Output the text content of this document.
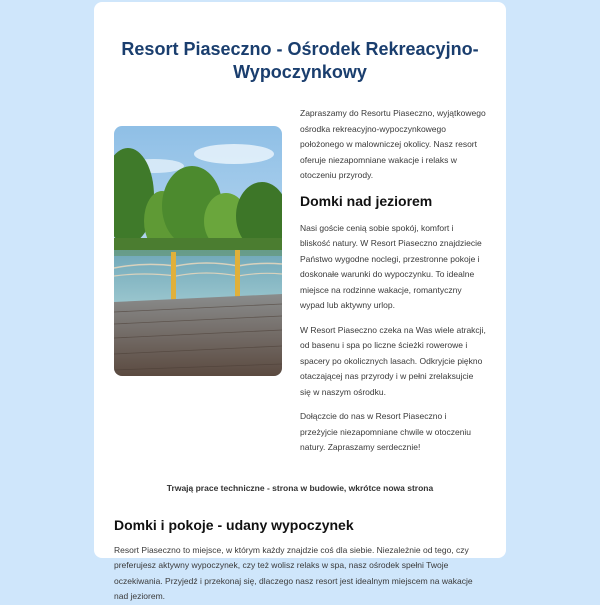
Resort Piaseczno - Ośrodek Rekreacyjno-Wypoczynkowy

Zapraszamy do Resortu Piaseczno, wyjątkowego ośrodka rekreacyjno-wypoczynkowego położonego w malowniczej okolicy. Nasz resort oferuje niezapomniane wakacje i relaks w otoczeniu przyrody.

Domki nad jeziorem

Nasi goście cenią sobie spokój, komfort i bliskość natury. W Resort Piaseczno znajdziecie Państwo wygodne noclegi, przestronne pokoje i doskonałe warunki do wypoczynku. To idealne miejsce na rodzinne wakacje, romantyczny wypad lub aktywny urlop.

W Resort Piaseczno czeka na Was wiele atrakcji, od basenu i spa po liczne ścieżki rowerowe i spacery po okolicznych lasach. Odkryjcie piękno otaczającej nas przyrody i w pełni zrelaksujcie się w naszym ośrodku.

Dołączcie do nas w Resort Piaseczno i przeżyjcie niezapomniane chwile w otoczeniu natury. Zapraszamy serdecznie!

Trwają prace techniczne - strona w budowie, wkrótce nowa strona

Domki i pokoje - udany wypoczynek

Resort Piaseczno to miejsce, w którym każdy znajdzie coś dla siebie. Niezależnie od tego, czy preferujesz aktywny wypoczynek, czy też wolisz relaks w spa, nasz ośrodek spełni Twoje oczekiwania. Przyjedź i przekonaj się, dlaczego nasz resort jest idealnym miejscem na wakacje nad jeziorem.
